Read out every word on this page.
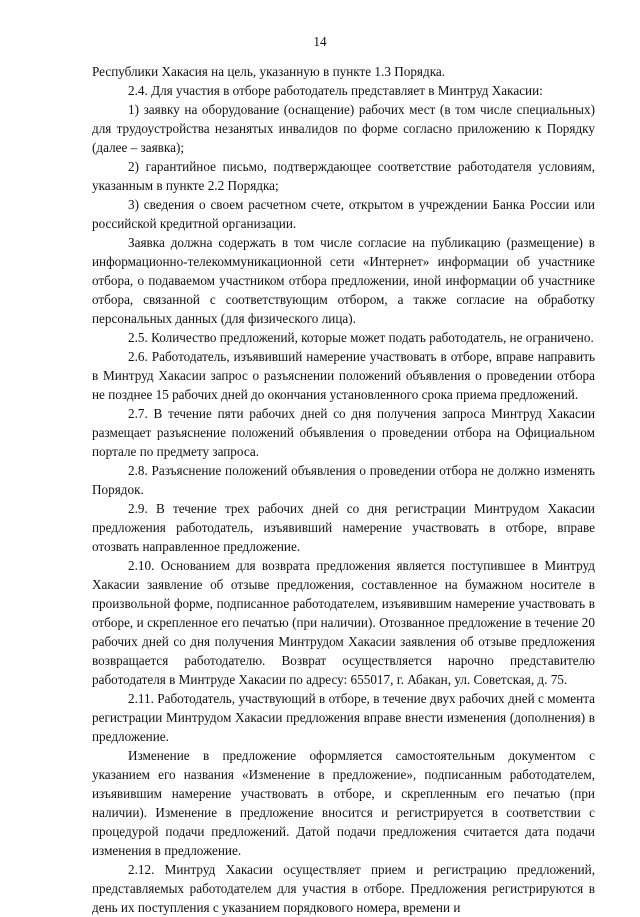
14

Республики Хакасия на цель, указанную в пункте 1.3 Порядка.

2.4. Для участия в отборе работодатель представляет в Минтруд Хакасии:

1) заявку на оборудование (оснащение) рабочих мест (в том числе специальных) для трудоустройства незанятых инвалидов по форме согласно приложению к Порядку (далее – заявка);

2) гарантийное письмо, подтверждающее соответствие работодателя условиям, указанным в пункте 2.2 Порядка;

3) сведения о своем расчетном счете, открытом в учреждении Банка России или российской кредитной организации.

Заявка должна содержать в том числе согласие на публикацию (размещение) в информационно-телекоммуникационной сети «Интернет» информации об участнике отбора, о подаваемом участником отбора предложении, иной информации об участнике отбора, связанной с соответствующим отбором, а также согласие на обработку персональных данных (для физического лица).

2.5. Количество предложений, которые может подать работодатель, не ограничено.

2.6. Работодатель, изъявивший намерение участвовать в отборе, вправе направить в Минтруд Хакасии запрос о разъяснении положений объявления о проведении отбора не позднее 15 рабочих дней до окончания установленного срока приема предложений.

2.7. В течение пяти рабочих дней со дня получения запроса Минтруд Хакасии размещает разъяснение положений объявления о проведении отбора на Официальном портале по предмету запроса.

2.8. Разъяснение положений объявления о проведении отбора не должно изменять Порядок.

2.9. В течение трех рабочих дней со дня регистрации Минтрудом Хакасии предложения работодатель, изъявивший намерение участвовать в отборе, вправе отозвать направленное предложение.

2.10. Основанием для возврата предложения является поступившее в Минтруд Хакасии заявление об отзыве предложения, составленное на бумажном носителе в произвольной форме, подписанное работодателем, изъявившим намерение участвовать в отборе, и скрепленное его печатью (при наличии). Отозванное предложение в течение 20 рабочих дней со дня получения Минтрудом Хакасии заявления об отзыве предложения возвращается работодателю. Возврат осуществляется нарочно представителю работодателя в Минтруде Хакасии по адресу: 655017, г. Абакан, ул. Советская, д. 75.

2.11. Работодатель, участвующий в отборе, в течение двух рабочих дней с момента регистрации Минтрудом Хакасии предложения вправе внести изменения (дополнения) в предложение.

Изменение в предложение оформляется самостоятельным документом с указанием его названия «Изменение в предложение», подписанным работодателем, изъявившим намерение участвовать в отборе, и скрепленным его печатью (при наличии). Изменение в предложение вносится и регистрируется в соответствии с процедурой подачи предложений. Датой подачи предложения считается дата подачи изменения в предложение.

2.12. Минтруд Хакасии осуществляет прием и регистрацию предложений, представляемых работодателем для участия в отборе. Предложения регистрируются в день их поступления с указанием порядкового номера, времени и
